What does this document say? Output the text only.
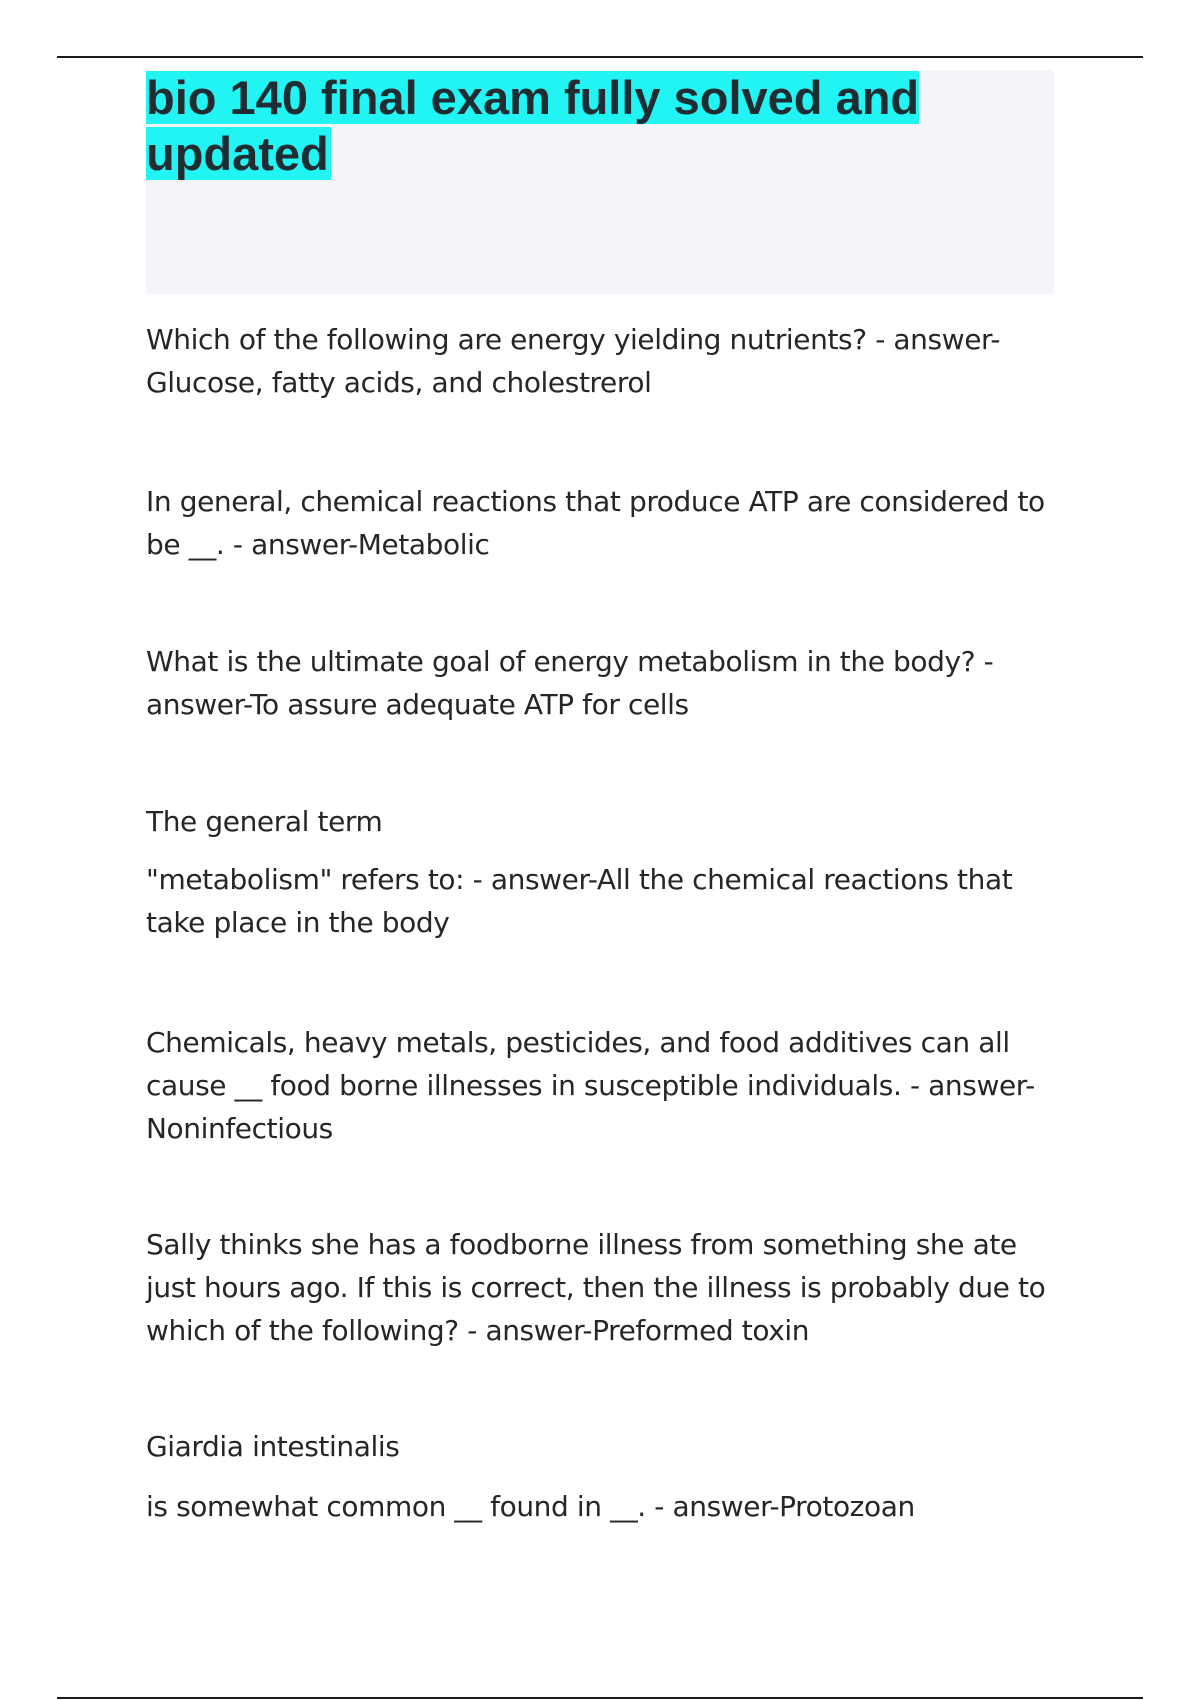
bio 140 final exam fully solved and updated

Which of the following are energy yielding nutrients? - answer-Glucose, fatty acids, and cholestrerol

In general, chemical reactions that produce ATP are considered to be __. - answer-Metabolic

What is the ultimate goal of energy metabolism in the body? - answer-To assure adequate ATP for cells

The general term

"metabolism" refers to: - answer-All the chemical reactions that take place in the body

Chemicals, heavy metals, pesticides, and food additives can all cause __ food borne illnesses in susceptible individuals. - answer-Noninfectious

Sally thinks she has a foodborne illness from something she ate just hours ago. If this is correct, then the illness is probably due to which of the following? - answer-Preformed toxin

Giardia intestinalis

is somewhat common __ found in __. - answer-Protozoan
